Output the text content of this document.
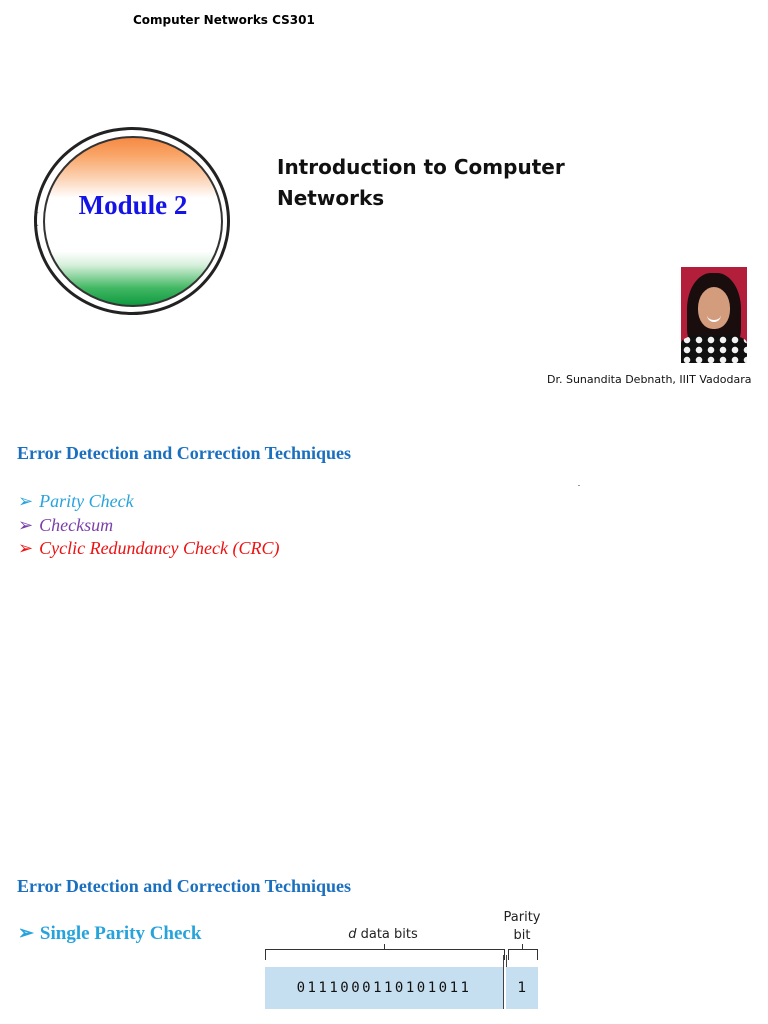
Computer Networks CS301
Module 2
Introduction to Computer
Networks
Dr. Sunandita Debnath, IIIT Vadodara
Error Detection and Correction Techniques
➢ Parity Check
➢ Checksum
➢ Cyclic Redundancy Check (CRC)
Error Detection and Correction Techniques
➢ Single Parity Check
Parity
bit
d data bits
0111000110101011	1
